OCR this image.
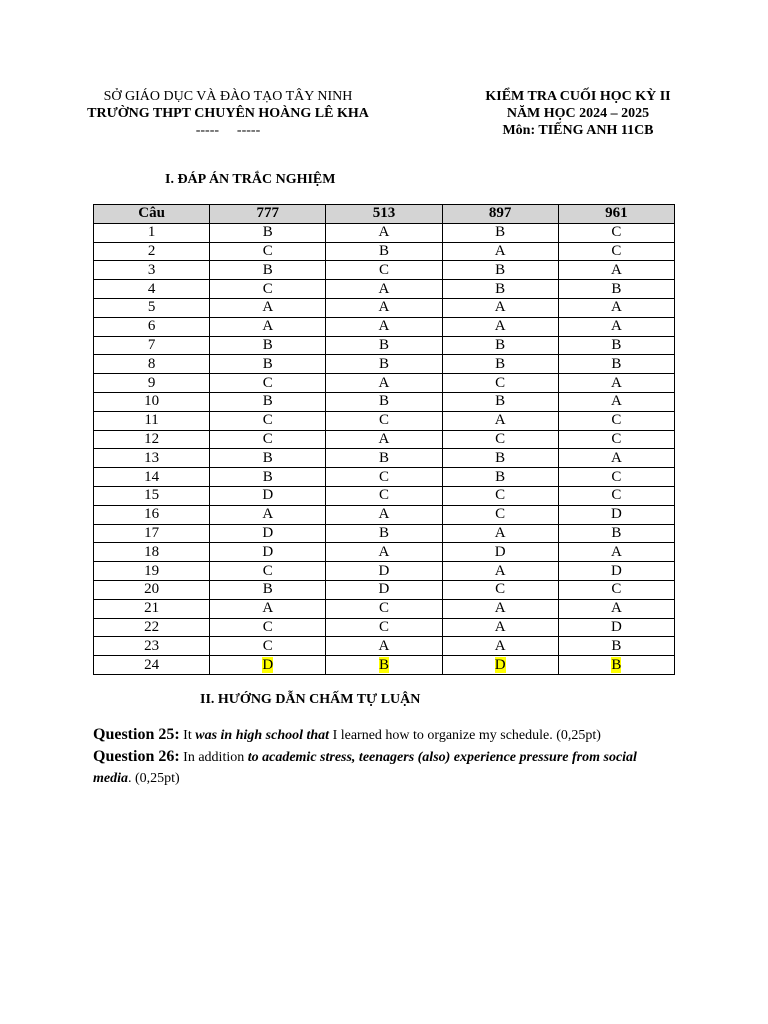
SỞ GIÁO DỤC VÀ ĐÀO TẠO TÂY NINH
TRƯỜNG THPT CHUYÊN HOÀNG LÊ KHA
----- -----
KIỂM TRA CUỐI HỌC KỲ II
NĂM HỌC 2024 – 2025
Môn: TIẾNG ANH 11CB
I. ĐÁP ÁN TRẮC NGHIỆM
Câu	777	513	897	961
1	B	A	B	C
2	C	B	A	C
3	B	C	B	A
4	C	A	B	B
5	A	A	A	A
6	A	A	A	A
7	B	B	B	B
8	B	B	B	B
9	C	A	C	A
10	B	B	B	A
11	C	C	A	C
12	C	A	C	C
13	B	B	B	A
14	B	C	B	C
15	D	C	C	C
16	A	A	C	D
17	D	B	A	B
18	D	A	D	A
19	C	D	A	D
20	B	D	C	C
21	A	C	A	A
22	C	C	A	D
23	C	A	A	B
24	D	B	D	B
II. HƯỚNG DẪN CHẤM TỰ LUẬN
Question 25: It was in high school that I learned how to organize my schedule. (0,25pt)
Question 26: In addition to academic stress, teenagers (also) experience pressure from social media. (0,25pt)
